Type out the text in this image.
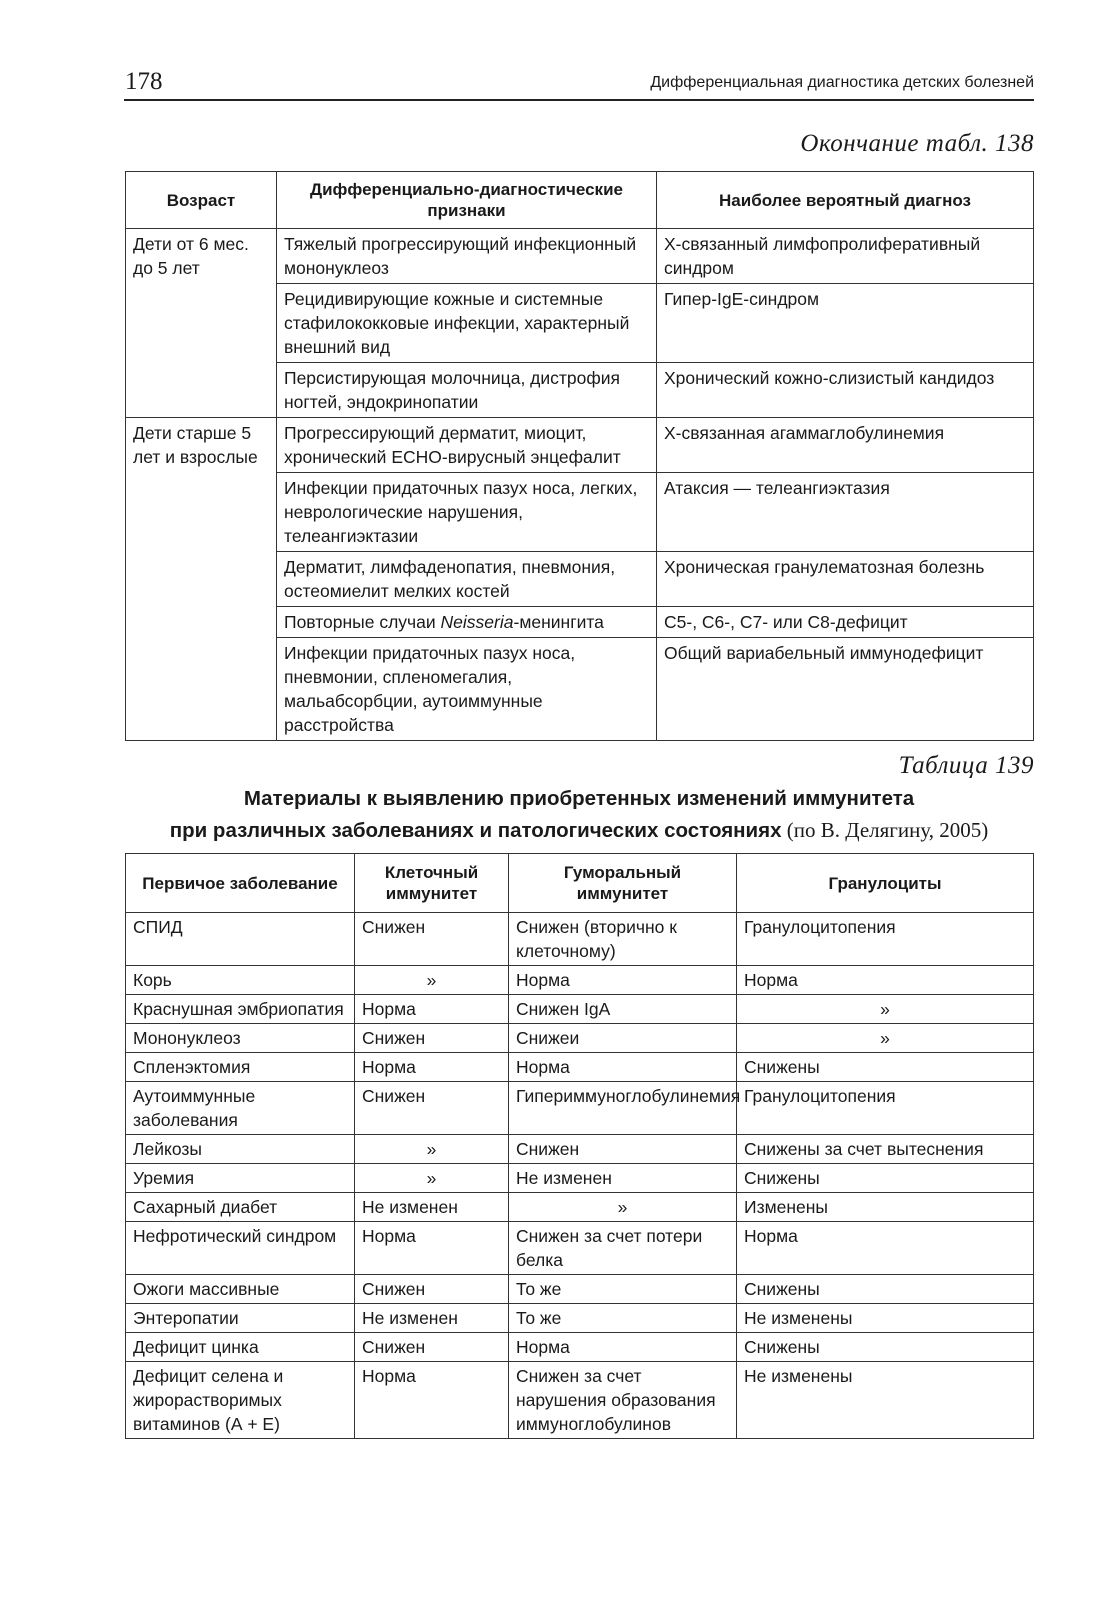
178	Дифференциальная диагностика детских болезней
Окончание табл. 138
Возраст	Дифференциально-диагностические признаки	Наиболее вероятный диагноз
Дети от 6 мес. до 5 лет	Тяжелый прогрессирующий инфекционный мононуклеоз	Х-связанный лимфопролиферативный синдром
	Рецидивирующие кожные и системные стафилококковые инфекции, характерный внешний вид	Гипер-IgE-синдром
	Персистирующая молочница, дистрофия ногтей, эндокринопатии	Хронический кожно-слизистый кандидоз
Дети старше 5 лет и взрослые	Прогрессирующий дерматит, миоцит, хронический ECHO-вирусный энцефалит	Х-связанная агаммаглобулинемия
	Инфекции придаточных пазух носа, легких, неврологические нарушения, телеангиэктазии	Атаксия — телеангиэктазия
	Дерматит, лимфаденопатия, пневмония, остеомиелит мелких костей	Хроническая гранулематозная болезнь
	Повторные случаи Neisseria-менингита	С5-, С6-, С7- или С8-дефицит
	Инфекции придаточных пазух носа, пневмонии, спленомегалия, мальабсорбции, аутоиммунные расстройства	Общий вариабельный иммунодефицит
Таблица 139
Материалы к выявлению приобретенных изменений иммунитета
при различных заболеваниях и патологических состояниях (по В. Делягину, 2005)
Первичое заболевание	Клеточный иммунитет	Гуморальный иммунитет	Гранулоциты
СПИД	Снижен	Снижен (вторично к клеточному)	Гранулоцитопения
Корь	»	Норма	Норма
Краснушная эмбриопатия	Норма	Снижен IgA	»
Мононуклеоз	Снижен	Снижеи	»
Спленэктомия	Норма	Норма	Снижены
Аутоиммунные заболевания	Снижен	Гипериммуноглобулинемия	Гранулоцитопения
Лейкозы	»	Снижен	Снижены за счет вытеснения
Уремия	»	Не изменен	Снижены
Сахарный диабет	Не изменен	»	Изменены
Нефротический синдром	Норма	Снижен за счет потери белка	Норма
Ожоги массивные	Снижен	То же	Снижены
Энтеропатии	Не изменен	То же	Не изменены
Дефицит цинка	Снижен	Норма	Снижены
Дефицит селена и жирорастворимых витаминов (А + Е)	Норма	Снижен за счет нарушения образования иммуноглобулинов	Не изменены
